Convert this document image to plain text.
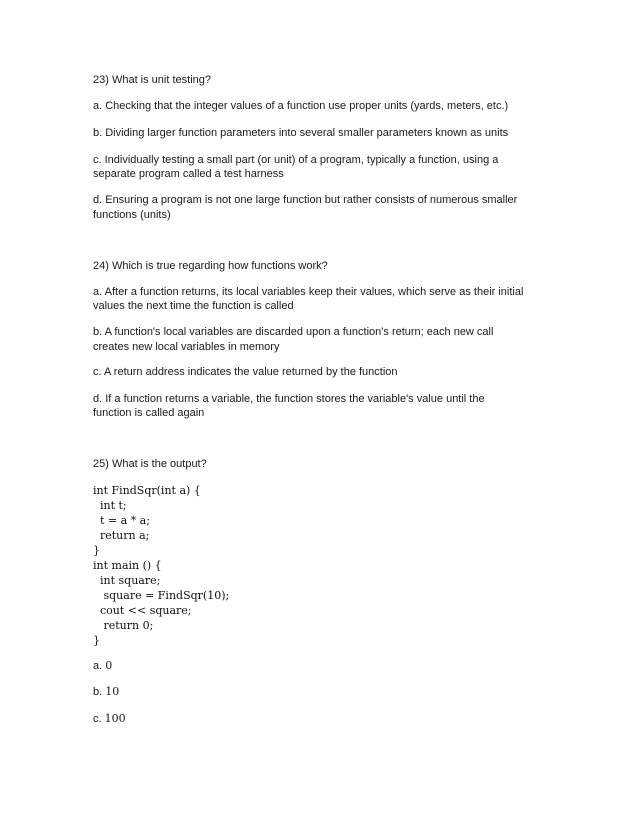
23) What is unit testing?
a. Checking that the integer values of a function use proper units (yards, meters, etc.)
b. Dividing larger function parameters into several smaller parameters known as units
c. Individually testing a small part (or unit) of a program, typically a function, using a
separate program called a test harness
d. Ensuring a program is not one large function but rather consists of numerous smaller
functions (units)
24) Which is true regarding how functions work?
a. After a function returns, its local variables keep their values, which serve as their initial
values the next time the function is called
b. A function's local variables are discarded upon a function's return; each new call
creates new local variables in memory
c. A return address indicates the value returned by the function
d. If a function returns a variable, the function stores the variable's value until the
function is called again
25) What is the output?
int FindSqr(int a) {
int t;
t = a * a;
return a;
}
int main () {
int square;
square = FindSqr(10);
cout << square;
return 0;
}
a. 0
b. 10
c. 100
